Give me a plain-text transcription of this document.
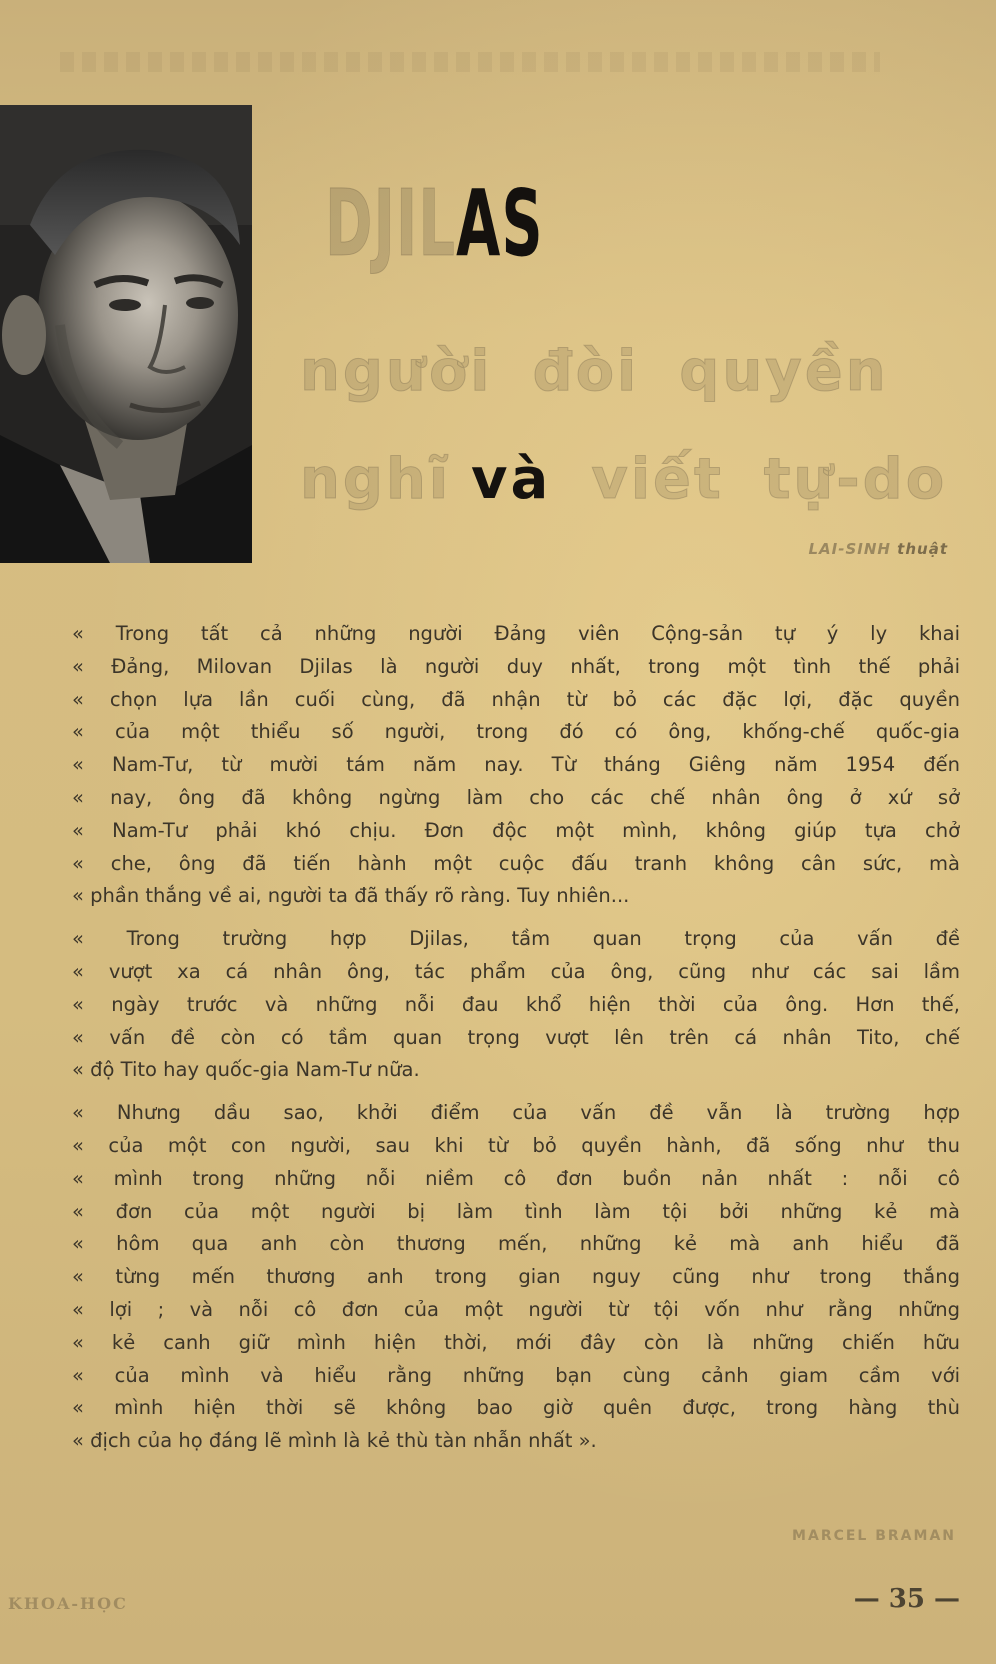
DJILAS
người đòi quyền
nghĩ và viết tự-do
LAI-SINH thuật
« Trong tất cả những người Đảng viên Cộng-sản tự ý ly khai
« Đảng, Milovan Djilas là người duy nhất, trong một tình thế phải
« chọn lựa lần cuối cùng, đã nhận từ bỏ các đặc lợi, đặc quyền
« của một thiểu số người, trong đó có ông, khống-chế quốc-gia
« Nam-Tư, từ mười tám năm nay. Từ tháng Giêng năm 1954 đến
« nay, ông đã không ngừng làm cho các chế nhân ông ở xứ sở
« Nam-Tư phải khó chịu. Đơn độc một mình, không giúp tựa chở
« che, ông đã tiến hành một cuộc đấu tranh không cân sức, mà
« phần thắng về ai, người ta đã thấy rõ ràng. Tuy nhiên...
« Trong trường hợp Djilas, tầm quan trọng của vấn đề
« vượt xa cá nhân ông, tác phẩm của ông, cũng như các sai lầm
« ngày trước và những nỗi đau khổ hiện thời của ông. Hơn thế,
« vấn đề còn có tầm quan trọng vượt lên trên cá nhân Tito, chế
« độ Tito hay quốc-gia Nam-Tư nữa.
« Nhưng dầu sao, khởi điểm của vấn đề vẫn là trường hợp
« của một con người, sau khi từ bỏ quyền hành, đã sống như thu
« mình trong những nỗi niềm cô đơn buồn nản nhất : nỗi cô
« đơn của một người bị làm tình làm tội bởi những kẻ mà
« hôm qua anh còn thương mến, những kẻ mà anh hiểu đã
« từng mến thương anh trong gian nguy cũng như trong thắng
« lợi ; và nỗi cô đơn của một người từ tội vốn như rằng những
« kẻ canh giữ mình hiện thời, mới đây còn là những chiến hữu
« của mình và hiểu rằng những bạn cùng cảnh giam cầm với
« mình hiện thời sẽ không bao giờ quên được, trong hàng thù
« địch của họ đáng lẽ mình là kẻ thù tàn nhẫn nhất ».
MARCEL BRAMAN
KHOA-HỌC	— 35 —
